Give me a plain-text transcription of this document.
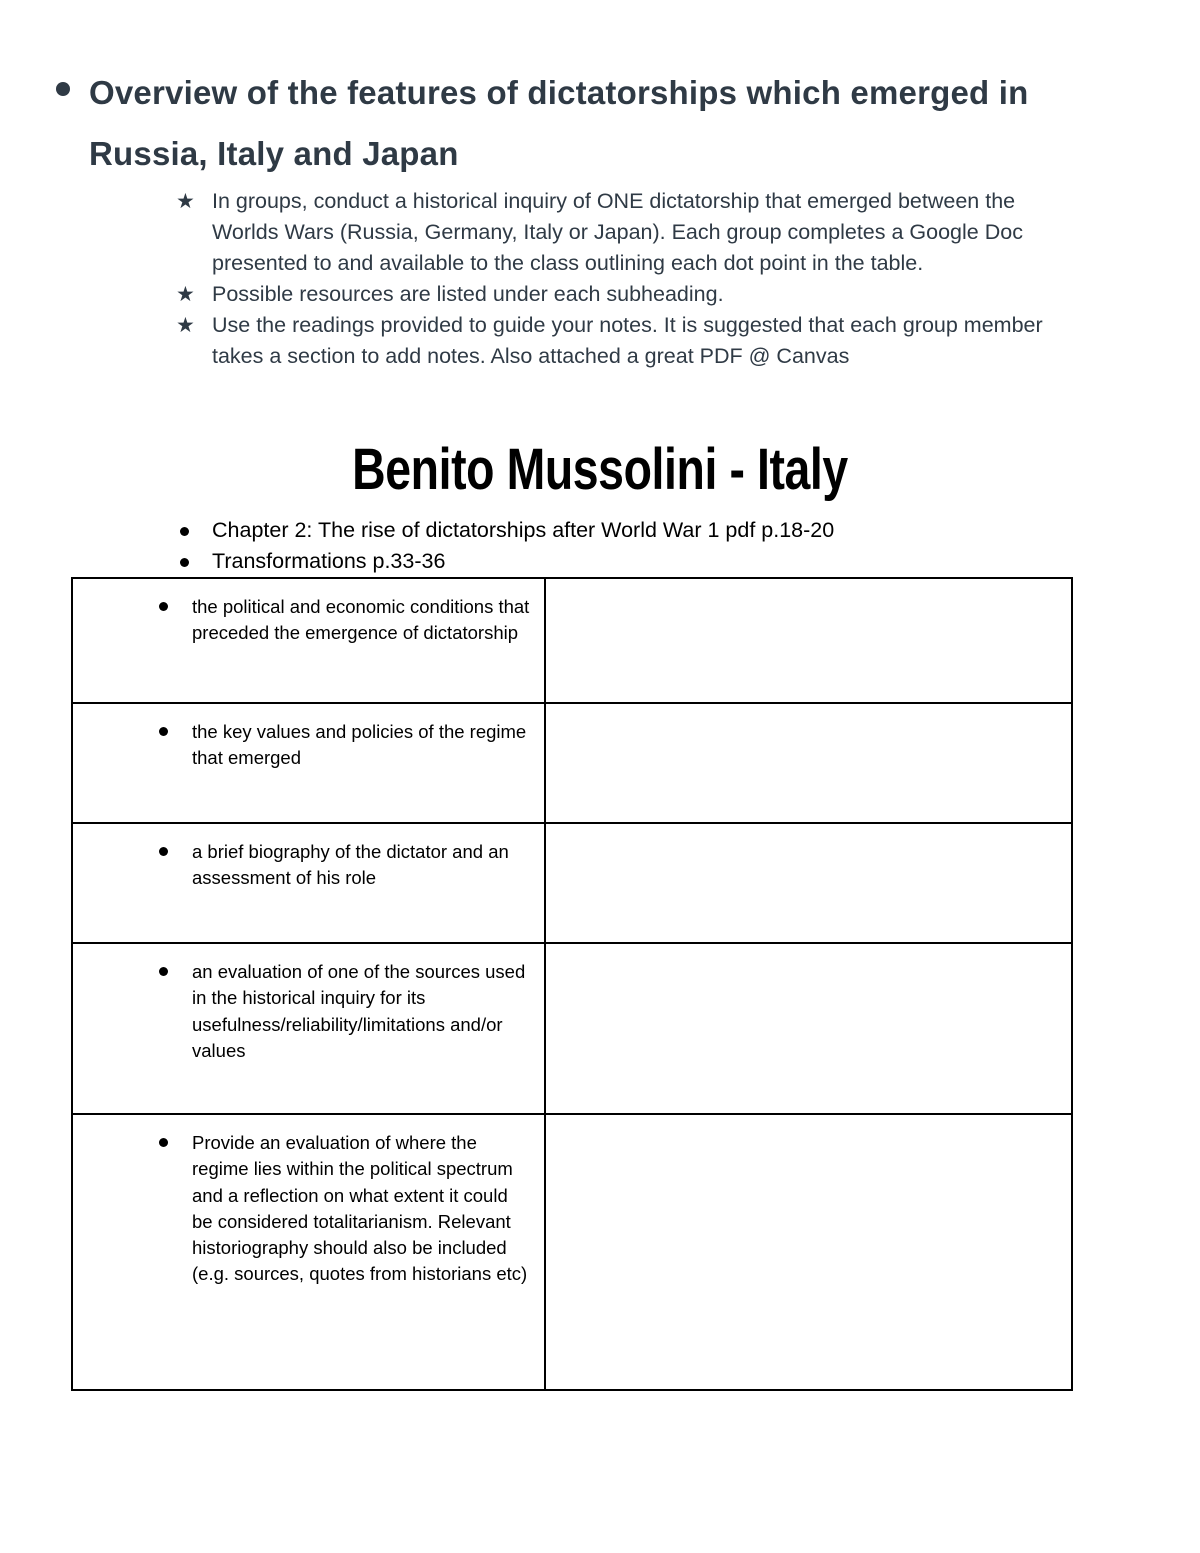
Overview of the features of dictatorships which emerged in Russia, Italy and Japan
★ In groups, conduct a historical inquiry of ONE dictatorship that emerged between the Worlds Wars (Russia, Germany, Italy or Japan). Each group completes a Google Doc presented to and available to the class outlining each dot point in the table.
★ Possible resources are listed under each subheading.
★ Use the readings provided to guide your notes. It is suggested that each group member takes a section to add notes. Also attached a great PDF @ Canvas
Benito Mussolini - Italy
Chapter 2: The rise of dictatorships after World War 1 pdf p.18-20
Transformations p.33-36
the political and economic conditions that preceded the emergence of dictatorship	

the key values and policies of the regime that emerged	

a brief biography of the dictator and an assessment of his role	

an evaluation of one of the sources used in the historical inquiry for its usefulness/reliability/limitations and/or values	

Provide an evaluation of where the regime lies within the political spectrum and a reflection on what extent it could be considered totalitarianism. Relevant historiography should also be included (e.g. sources, quotes from historians etc)	
